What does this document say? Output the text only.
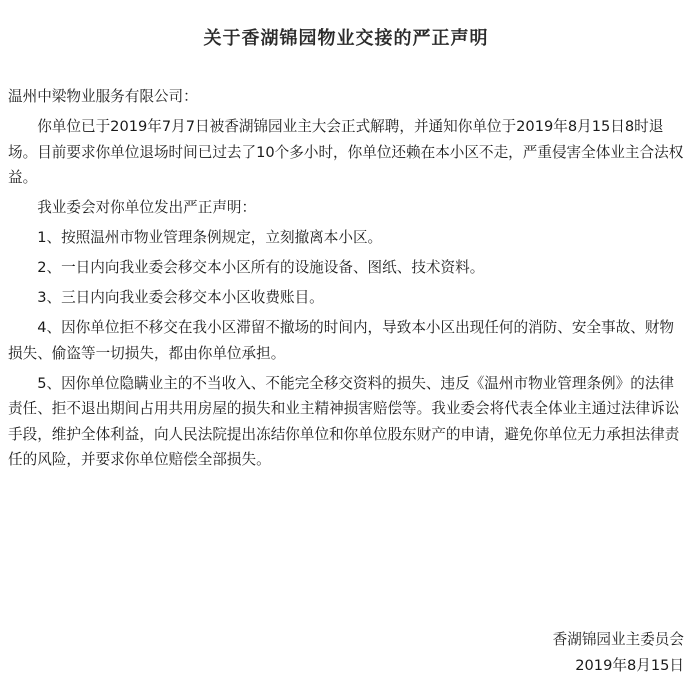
关于香湖锦园物业交接的严正声明

温州中梁物业服务有限公司：

你单位已于2019年7月7日被香湖锦园业主大会正式解聘，并通知你单位于2019年8月15日8时退场。目前要求你单位退场时间已过去了10个多小时，你单位还赖在本小区不走，严重侵害全体业主合法权益。

我业委会对你单位发出严正声明：

1、按照温州市物业管理条例规定，立刻撤离本小区。

2、一日内向我业委会移交本小区所有的设施设备、图纸、技术资料。

3、三日内向我业委会移交本小区收费账目。

4、因你单位拒不移交在我小区滞留不撤场的时间内，导致本小区出现任何的消防、安全事故、财物损失、偷盗等一切损失，都由你单位承担。

5、因你单位隐瞒业主的不当收入、不能完全移交资料的损失、违反《温州市物业管理条例》的法律责任、拒不退出期间占用共用房屋的损失和业主精神损害赔偿等。我业委会将代表全体业主通过法律诉讼手段，维护全体利益，向人民法院提出冻结你单位和你单位股东财产的申请，避免你单位无力承担法律责任的风险，并要求你单位赔偿全部损失。

香湖锦园业主委员会
2019年8月15日
